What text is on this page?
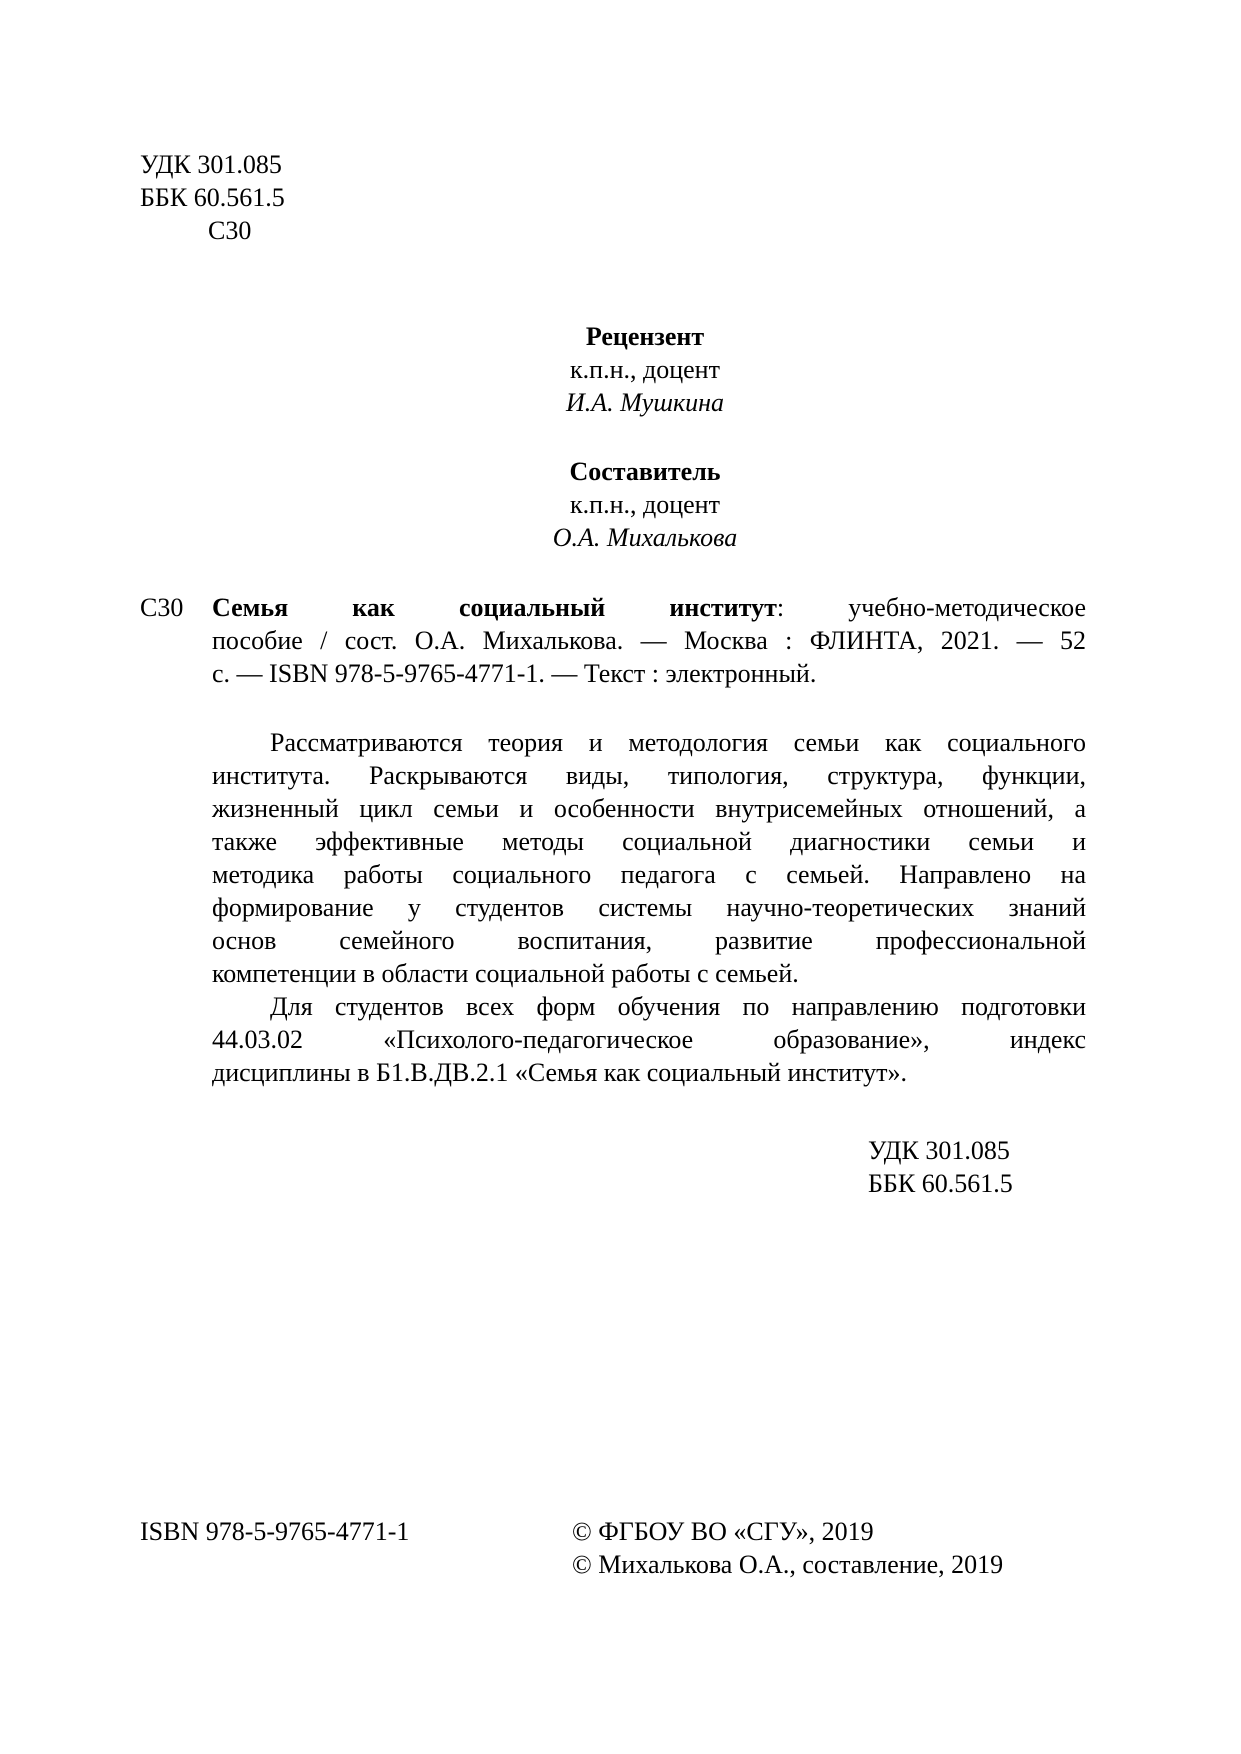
УДК 301.085
ББК 60.561.5
С30
Рецензент
к.п.н., доцент
И.А. Мушкина
Составитель
к.п.н., доцент
О.А. Михалькова
С30 Семья как социальный институт: учебно-методическое
пособие / сост. О.А. Михалькова. — Москва : ФЛИНТА, 2021. — 52
с. — ISBN 978-5-9765-4771-1. — Текст : электронный.
Рассматриваются теория и методология семьи как социального
института. Раскрываются виды, типология, структура, функции,
жизненный цикл семьи и особенности внутрисемейных отношений, а
также эффективные методы социальной диагностики семьи и
методика работы социального педагога с семьей. Направлено на
формирование у студентов системы научно-теоретических знаний
основ семейного воспитания, развитие профессиональной
компетенции в области социальной работы с семьей.
Для студентов всех форм обучения по направлению подготовки
44.03.02 «Психолого-педагогическое образование», индекс
дисциплины в Б1.В.ДВ.2.1 «Семья как социальный институт».
УДК 301.085
ББК 60.561.5
ISBN 978-5-9765-4771-1	© ФГБОУ ВО «СГУ», 2019
© Михалькова О.А., составление, 2019
